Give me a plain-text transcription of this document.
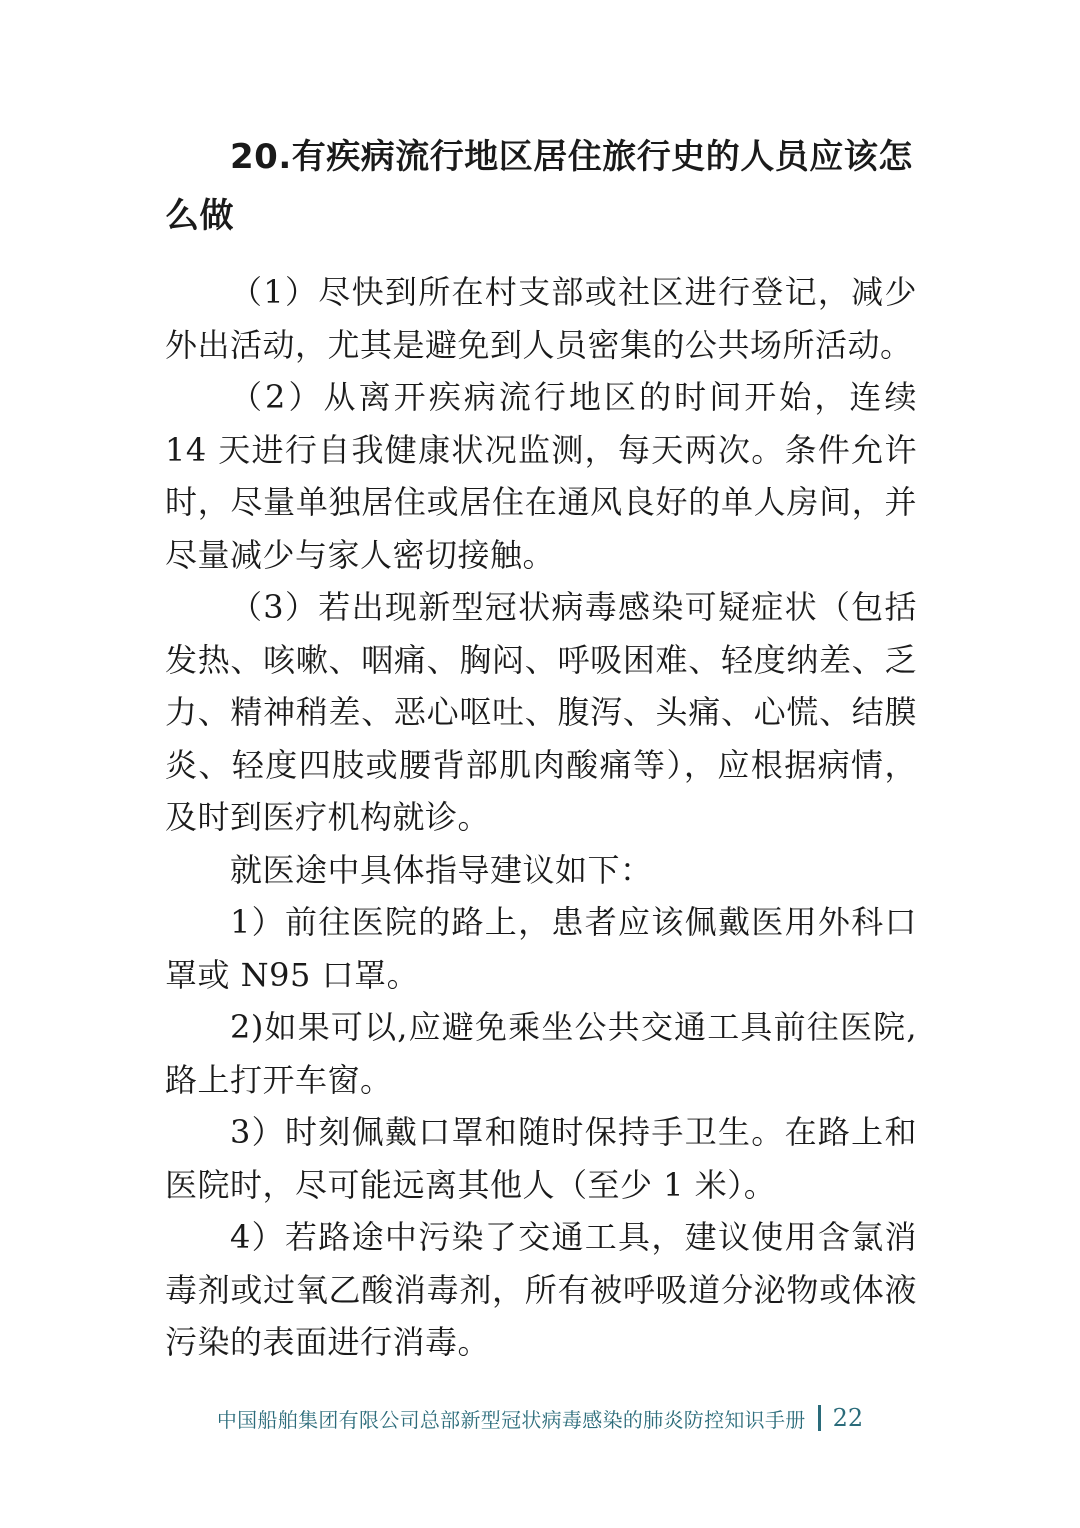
20.有疾病流行地区居住旅行史的人员应该怎么做

（1）尽快到所在村支部或社区进行登记，减少外出活动，尤其是避免到人员密集的公共场所活动。

（2）从离开疾病流行地区的时间开始，连续 14 天进行自我健康状况监测，每天两次。条件允许时，尽量单独居住或居住在通风良好的单人房间，并尽量减少与家人密切接触。

（3）若出现新型冠状病毒感染可疑症状（包括发热、咳嗽、咽痛、胸闷、呼吸困难、轻度纳差、乏力、精神稍差、恶心呕吐、腹泻、头痛、心慌、结膜炎、轻度四肢或腰背部肌肉酸痛等），应根据病情，及时到医疗机构就诊。

就医途中具体指导建议如下：

1）前往医院的路上，患者应该佩戴医用外科口罩或 N95 口罩。

2)如果可以,应避免乘坐公共交通工具前往医院,路上打开车窗。

3）时刻佩戴口罩和随时保持手卫生。在路上和医院时，尽可能远离其他人（至少 1 米）。

4）若路途中污染了交通工具，建议使用含氯消毒剂或过氧乙酸消毒剂，所有被呼吸道分泌物或体液污染的表面进行消毒。

中国船舶集团有限公司总部新型冠状病毒感染的肺炎防控知识手册 22
